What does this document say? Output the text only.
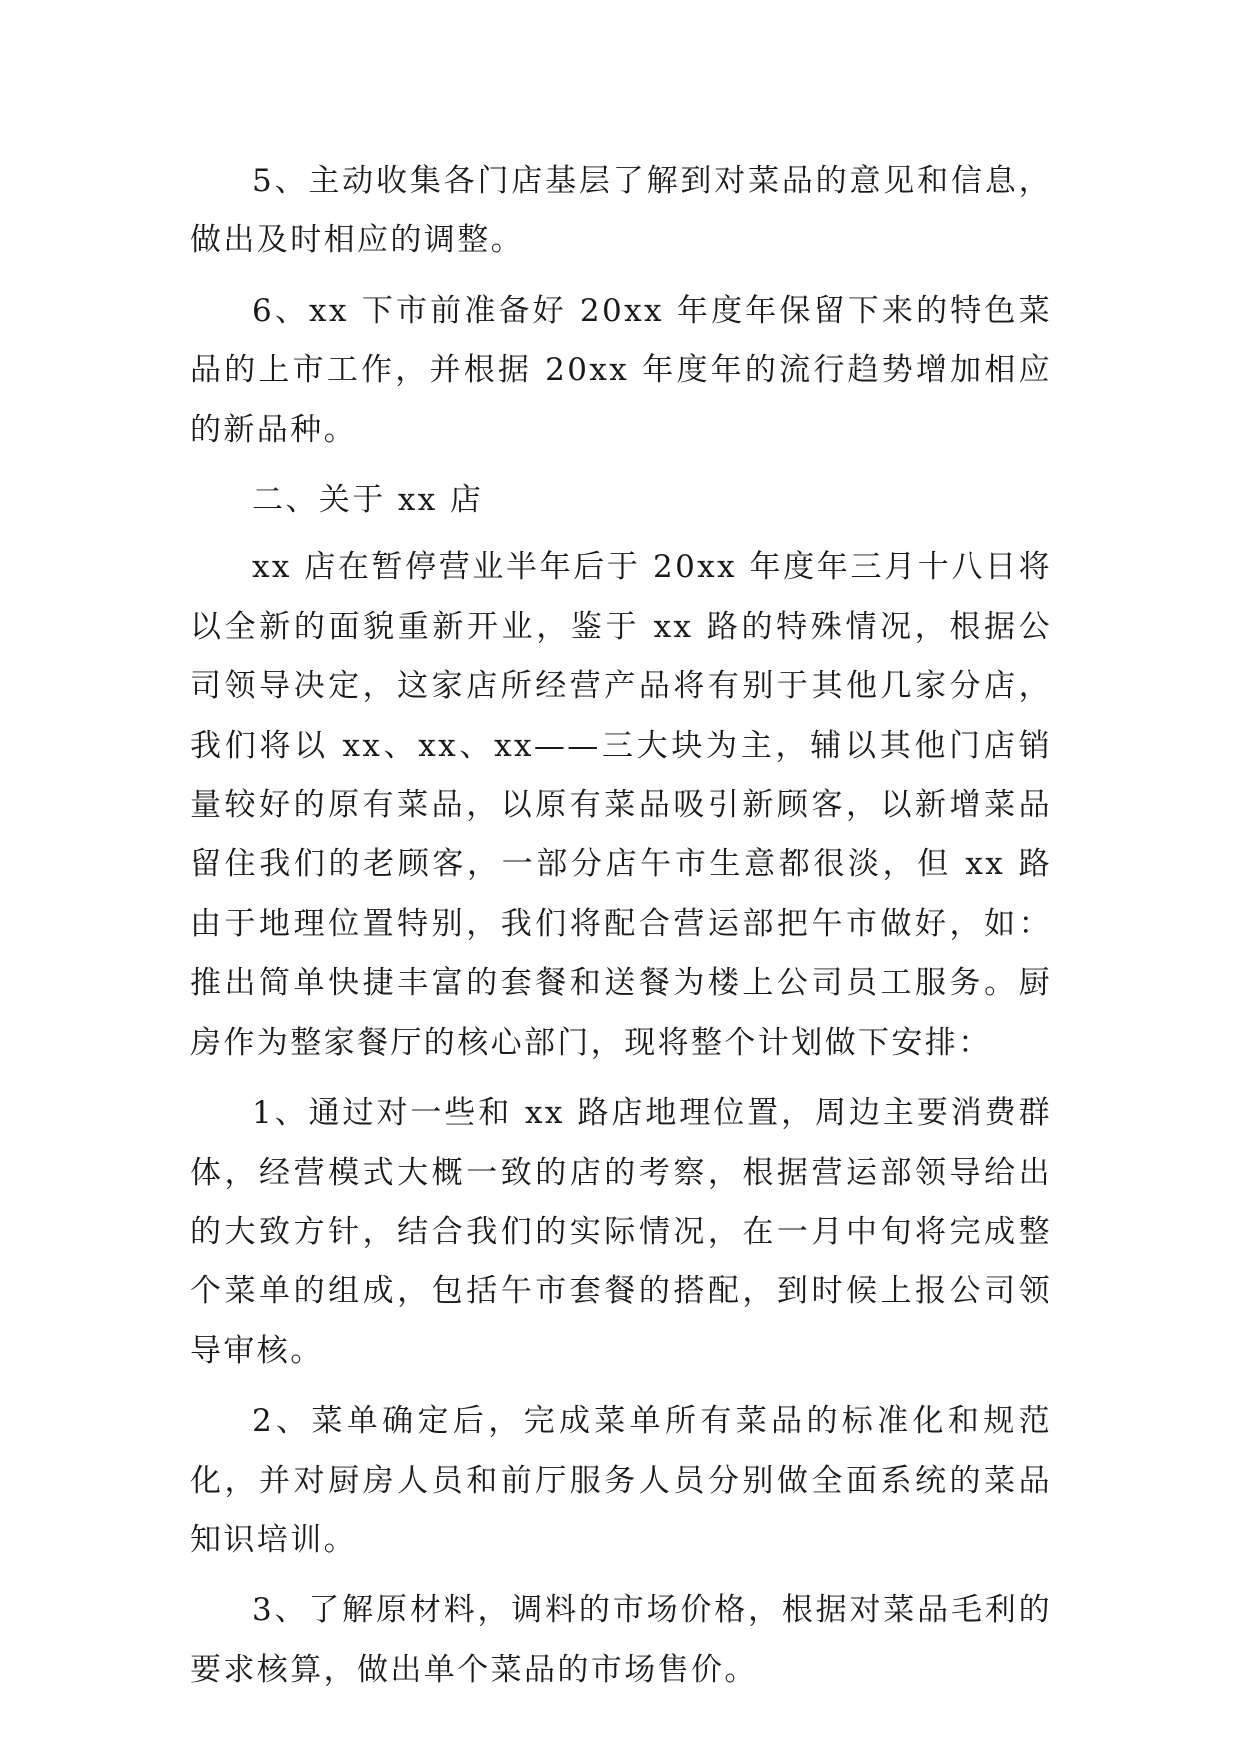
5、主动收集各门店基层了解到对菜品的意见和信息，做出及时相应的调整。

6、xx 下市前准备好 20xx 年度年保留下来的特色菜品的上市工作，并根据 20xx 年度年的流行趋势增加相应的新品种。

二、关于 xx 店

xx 店在暂停营业半年后于 20xx 年度年三月十八日将以全新的面貌重新开业，鉴于 xx 路的特殊情况，根据公司领导决定，这家店所经营产品将有别于其他几家分店，我们将以 xx、xx、xx——三大块为主，辅以其他门店销量较好的原有菜品，以原有菜品吸引新顾客，以新增菜品留住我们的老顾客，一部分店午市生意都很淡，但 xx 路由于地理位置特别，我们将配合营运部把午市做好，如：推出简单快捷丰富的套餐和送餐为楼上公司员工服务。厨房作为整家餐厅的核心部门，现将整个计划做下安排：

1、通过对一些和 xx 路店地理位置，周边主要消费群体，经营模式大概一致的店的考察，根据营运部领导给出的大致方针，结合我们的实际情况，在一月中旬将完成整个菜单的组成，包括午市套餐的搭配，到时候上报公司领导审核。

2、菜单确定后，完成菜单所有菜品的标准化和规范化，并对厨房人员和前厅服务人员分别做全面系统的菜品知识培训。

3、了解原材料，调料的市场价格，根据对菜品毛利的要求核算，做出单个菜品的市场售价。
